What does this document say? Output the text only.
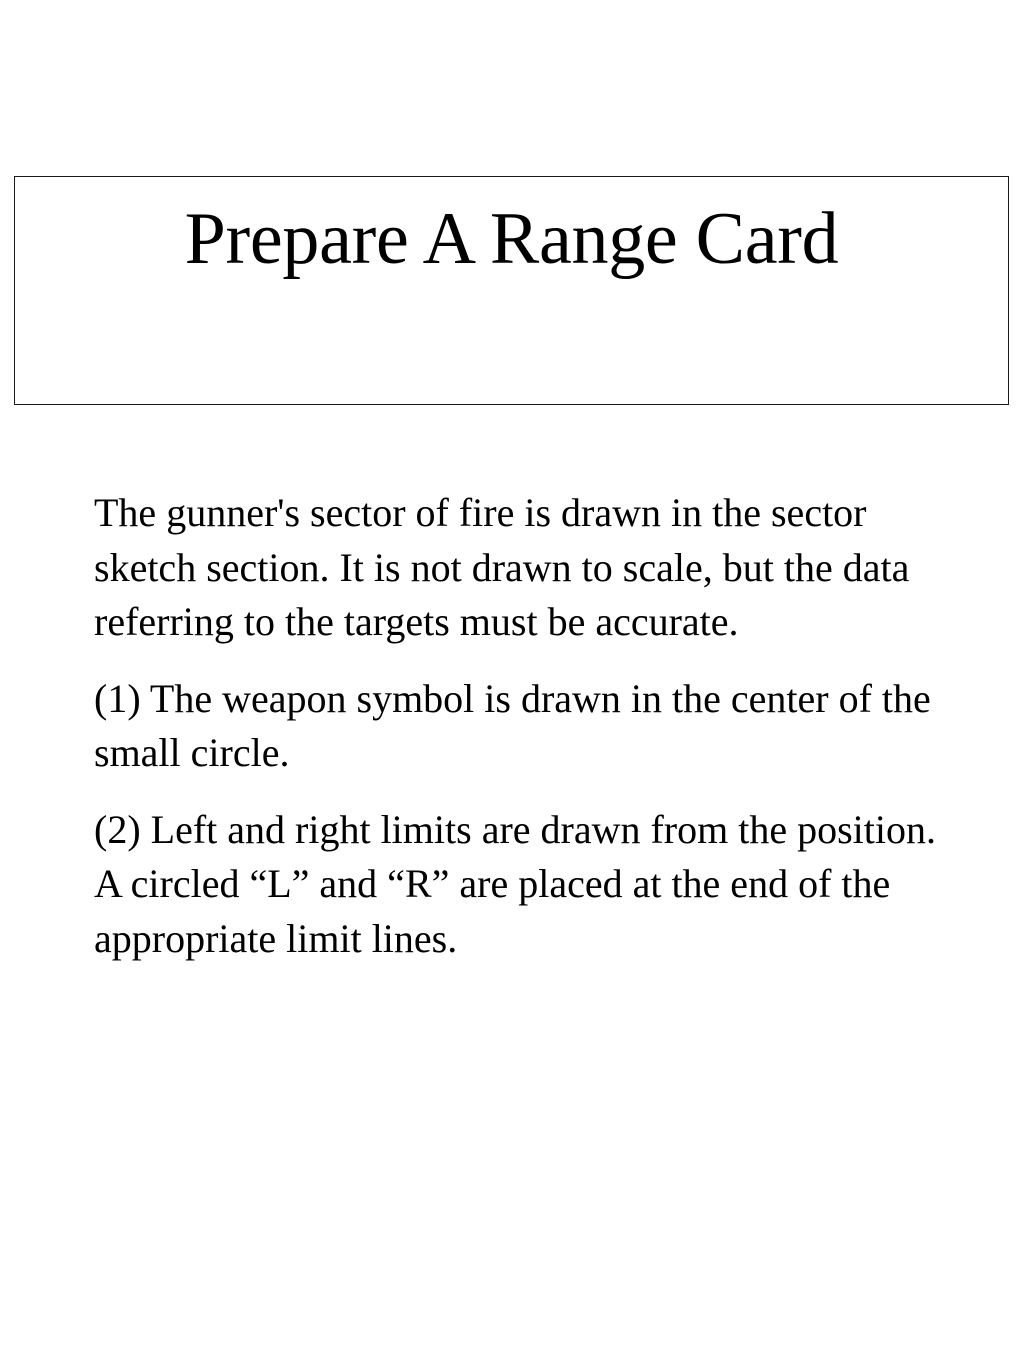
Prepare A Range Card

The gunner's sector of fire is drawn in the sector sketch section. It is not drawn to scale, but the data referring to the targets must be accurate.

(1) The weapon symbol is drawn in the center of the small circle.

(2) Left and right limits are drawn from the position. A circled “L” and “R” are placed at the end of the appropriate limit lines.
